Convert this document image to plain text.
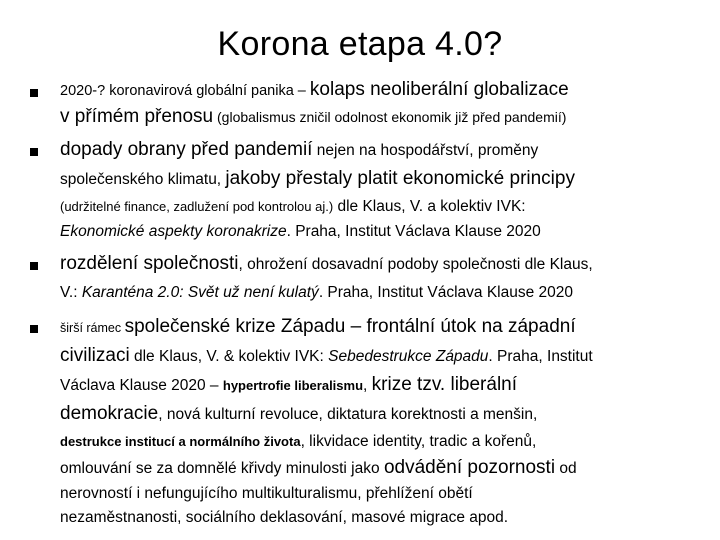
Korona etapa 4.0?

2020-? koronavirová globální panika – kolaps neoliberální globalizace

v přímém přenosu (globalismus zničil odolnost ekonomik již před pandemií)

dopady obrany před pandemií nejen na hospodářství, proměny
společenského klimatu, jakoby přestaly platit ekonomické principy
(udržitelné finance, zadlužení pod kontrolou aj.) dle Klaus, V. a kolektiv IVK:
Ekonomické aspekty koronakrize. Praha, Institut Václava Klause 2020
rozdělení společnosti, ohrožení dosavadní podoby společnosti dle Klaus,
V.: Karanténa 2.0: Svět už není kulatý. Praha, Institut Václava Klause 2020
širší rámec společenské krize Západu – frontální útok na západní
civilizaci dle Klaus, V. & kolektiv IVK: Sebedestrukce Západu. Praha, Institut
Václava Klause 2020 – hypertrofie liberalismu, krize tzv. liberální
demokracie, nová kulturní revoluce, diktatura korektnosti a menšin,
destrukce institucí a normálního života, likvidace identity, tradic a kořenů,
omlouvání se za domnělé křivdy minulosti jako odvádění pozornosti od
nerovností i nefungujícího multikulturalismu, přehlížení obětí
nezaměstnanosti, sociálního deklasování, masové migrace apod.
